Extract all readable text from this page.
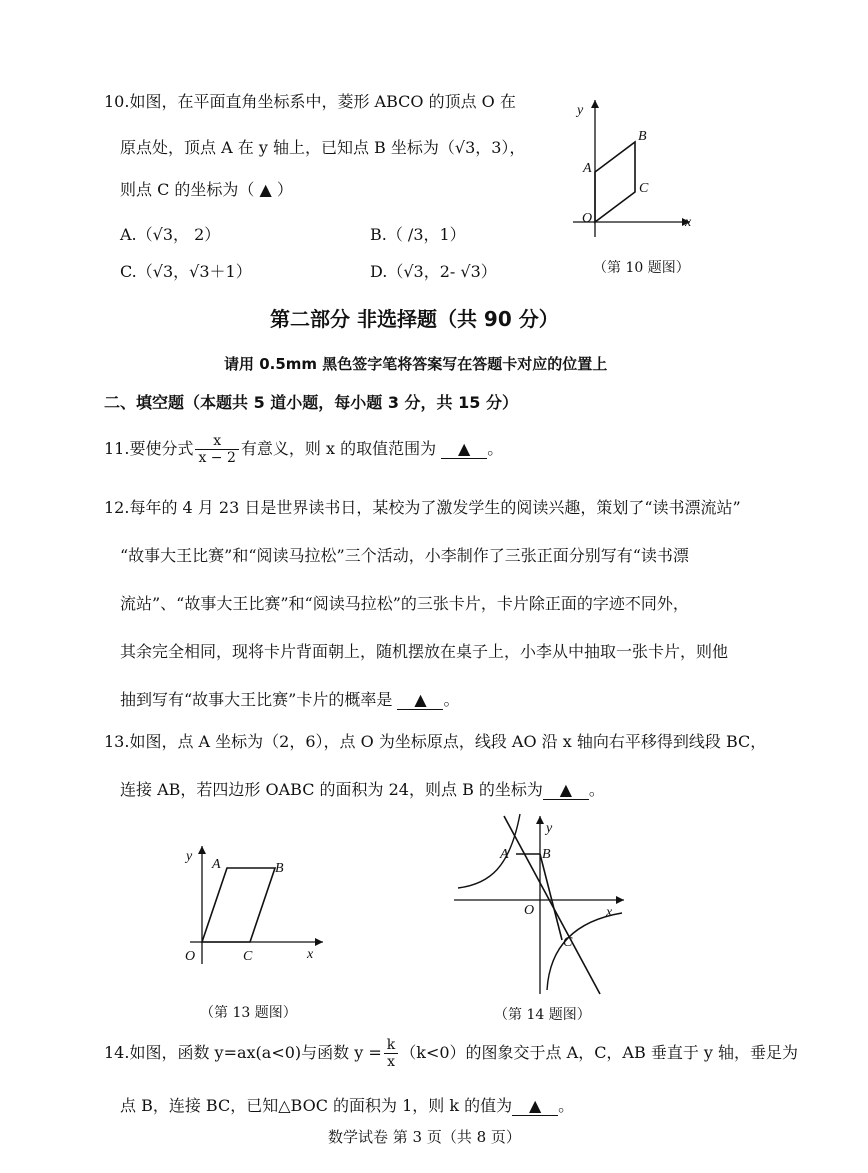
10.如图，在平面直角坐标系中，菱形 ABCO 的顶点 O 在
原点处，顶点 A 在 y 轴上，已知点 B 坐标为（√3，3），
则点 C 的坐标为（ ▲ ）
A.（√3， 2）	B.（ /3，1）
C.（√3，√3＋1）	D.（√3，2- √3）
y
x
O
A
B
C
（第 10 题图）
第二部分 非选择题（共 90 分）
请用 0.5mm 黑色签字笔将答案写在答题卡对应的位置上
二、填空题（本题共 5 道小题，每小题 3 分，共 15 分）
11.要使分式 $\frac{x}{x - 2}$ 有意义，则 x 的取值范围为 ▲ 。
12.每年的 4 月 23 日是世界读书日，某校为了激发学生的阅读兴趣，策划了“读书漂流站”
“故事大王比赛”和“阅读马拉松”三个活动，小李制作了三张正面分别写有“读书漂
流站”、“故事大王比赛”和“阅读马拉松”的三张卡片，卡片除正面的字迹不同外，
其余完全相同，现将卡片背面朝上，随机摆放在桌子上，小李从中抽取一张卡片，则他
抽到写有“故事大王比赛”卡片的概率是 ▲ 。
13.如图，点 A 坐标为（2，6），点 O 为坐标原点，线段 AO 沿 x 轴向右平移得到线段 BC，
连接 AB，若四边形 OABC 的面积为 24，则点 B 的坐标为 ▲ 。
y
x
O
A	B
C
（第 13 题图）
y
x
O
A B
C
（第 14 题图）
14.如图，函数 y=ax(a<0)与函数 $y = \frac{k}{x} (k<0)$的图象交于点 A，C，AB 垂直于 y 轴，垂足为
点 B，连接 BC，已知△BOC 的面积为 1，则 k 的值为 ▲ 。
数学试卷 第 3 页（共 8 页）
